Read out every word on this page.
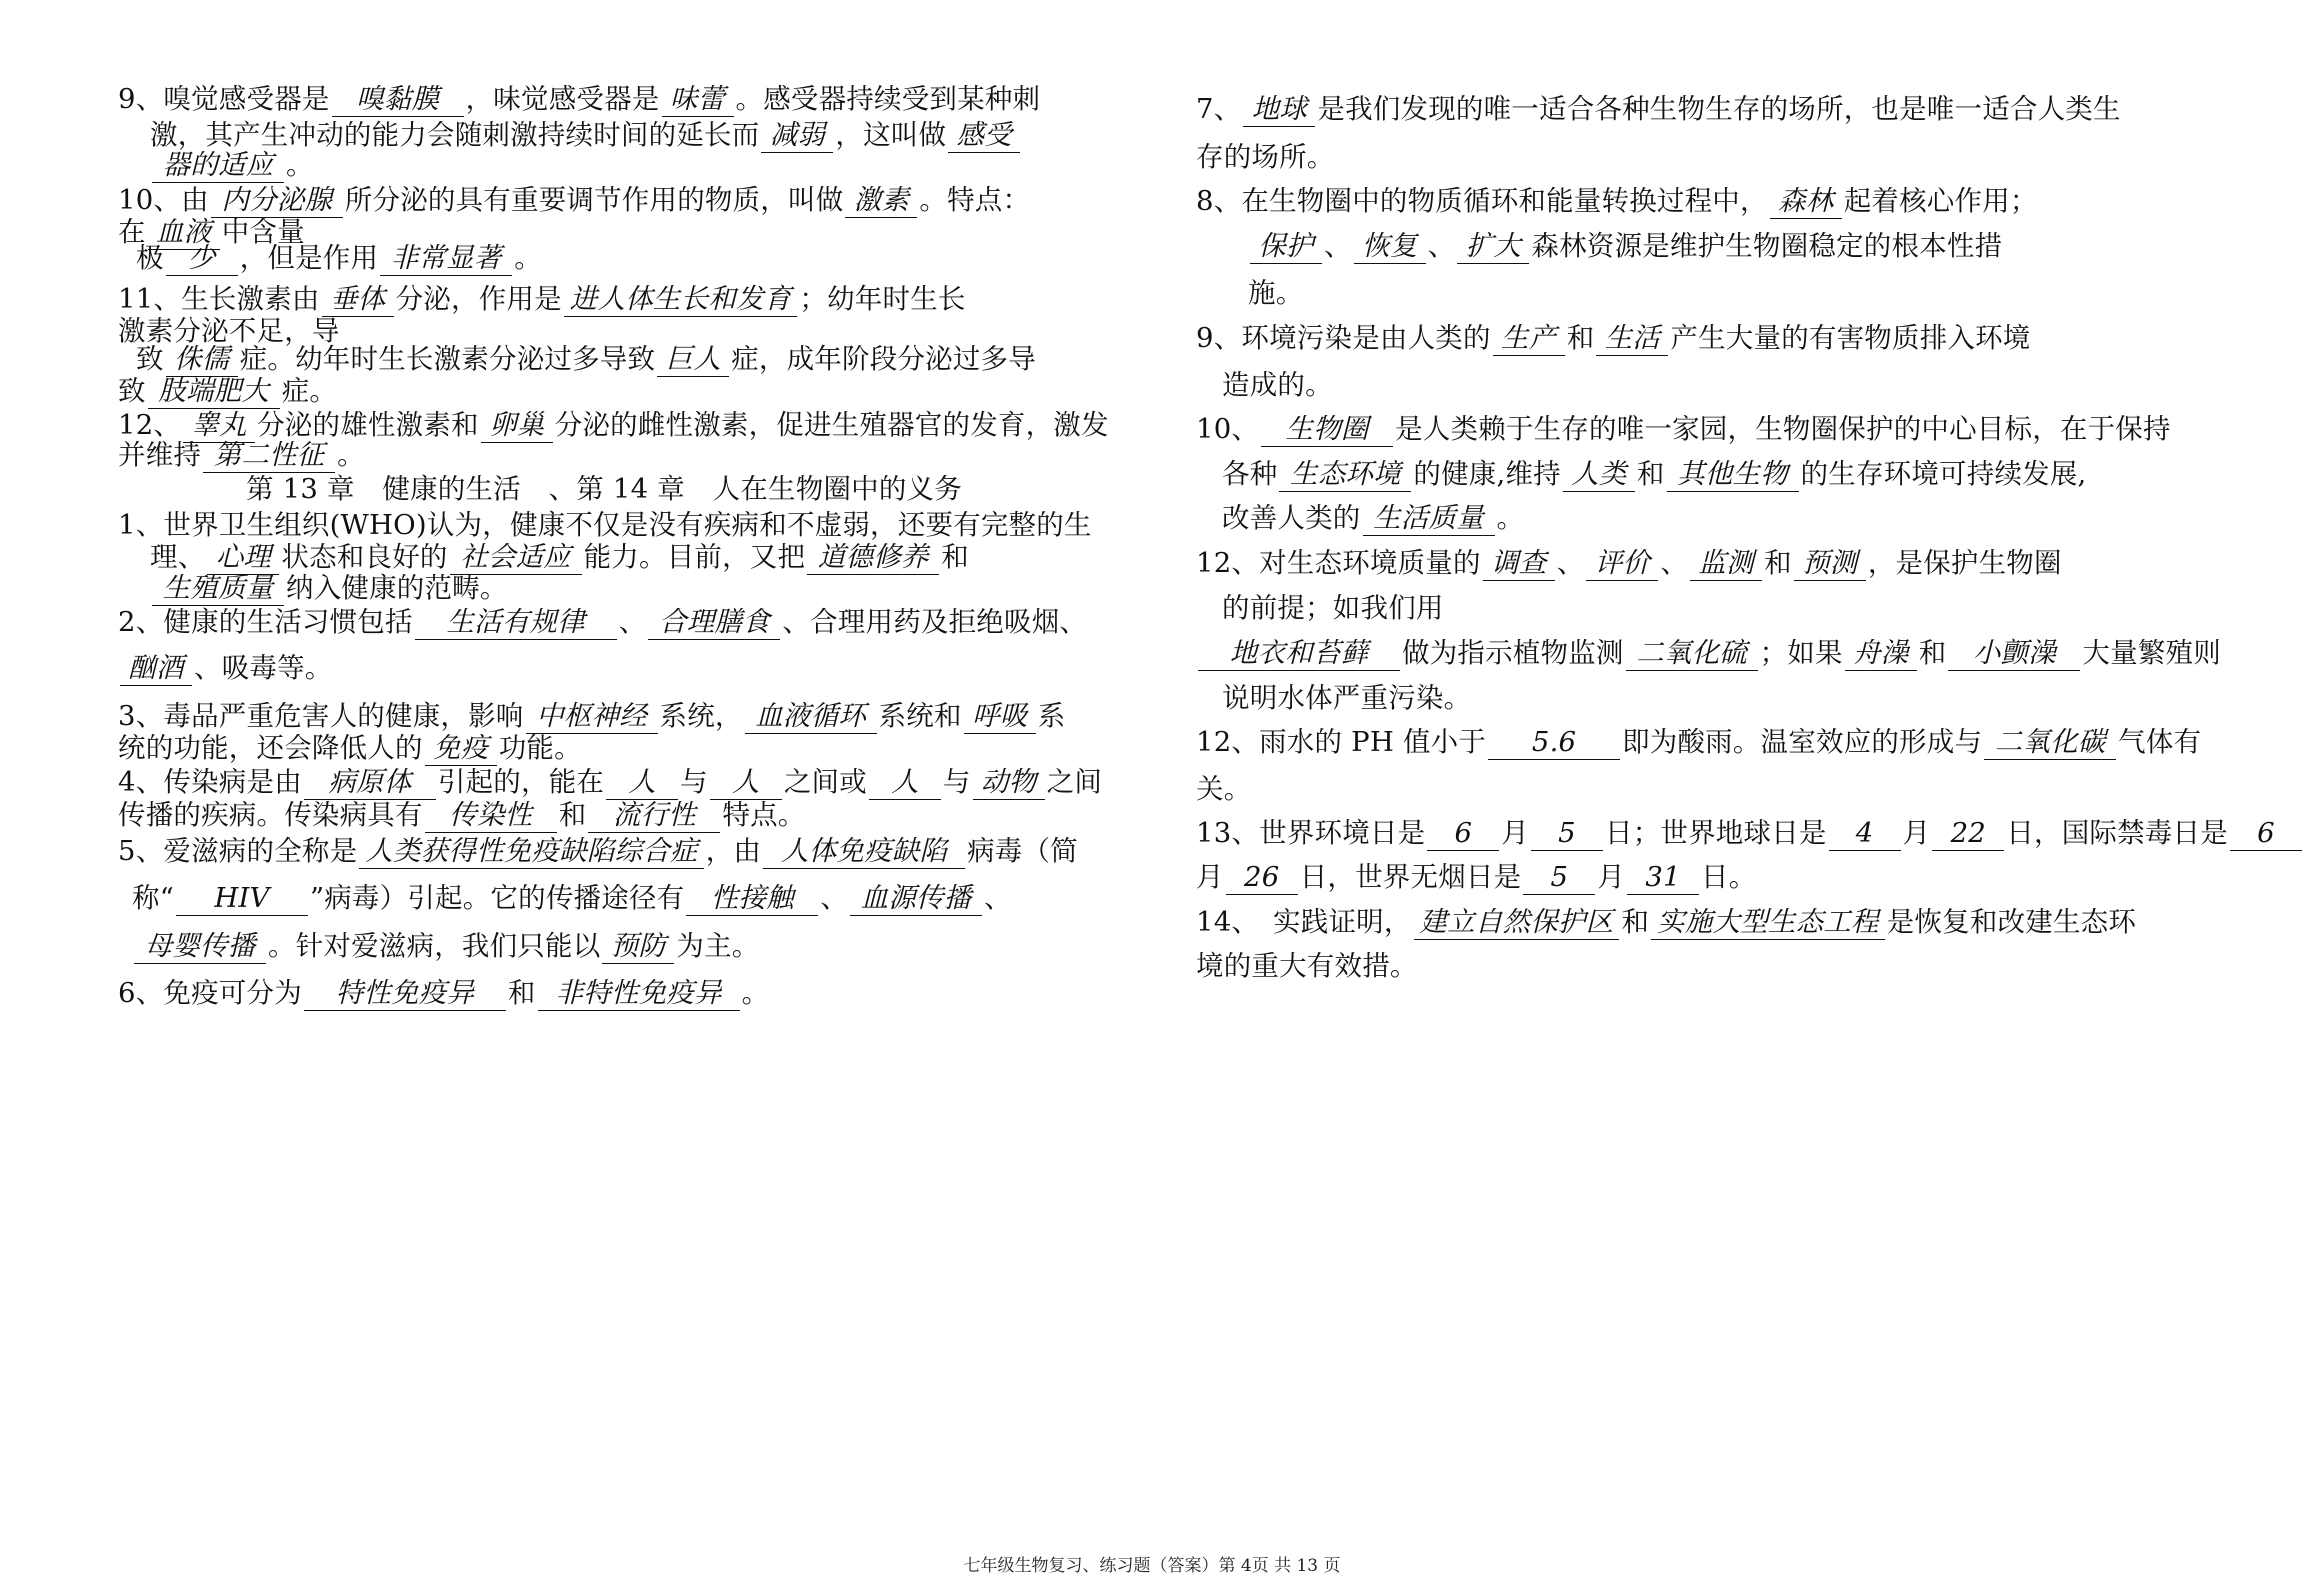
9、嗅觉感受器是 嗅黏膜 ，味觉感受器是味蕾 。感受器持续受到某种刺
激，其产生冲动的能力会随刺激持续时间的延长而减弱 ，这叫做感受
器的适应 。
10、由 内分泌腺 所分泌的具有重要调节作用的物质，叫做激素 。特点：
在 血液 中含量
极 少 ，但是作用非常显著。
11、生长激素由 垂体 分泌，作用是 进人体生长和发育 ；幼年时生长
激素分泌不足，导
致 侏儒 症。幼年时生长激素分泌过多导致 巨人 症，成年阶段分泌过多导
致 肢端肥大 症。
12、 睾丸 分泌的雄性激素和 卵巢 分泌的雌性激素，促进生殖器官的发育，激发
并维持 第二性征 。
第 13 章　健康的生活　、第 14 章　人在生物圈中的义务
1、世界卫生组织(WHO)认为，健康不仅是没有疾病和不虚弱，还要有完整的生
理、 心理 状态和良好的 社会适应 能力。目前，又把 道德修养 和
生殖质量 纳入健康的范畴。
2、健康的生活习惯包括 生活有规律 、 合理膳食 、合理用药及拒绝吸烟、
酗酒 、吸毒等。
3、毒品严重危害人的健康，影响 中枢神经 系统， 血液循环 系统和 呼吸 系
统的功能，还会降低人的 免疫 功能。
4、传染病是由 病原体 引起的，能在人 与人 之间或 人 与 动物 之间
传播的疾病。传染病具有 传染性 和 流行性 特点。
5、爱滋病的全称是 人类获得性免疫缺陷综合症 ，由 人体免疫缺陷 病毒（简
称“ HIV ”病毒）引起。它的传播途径有 性接触 、 血源传播 、
母婴传播 。针对爱滋病，我们只能以 预防 为主。
6、免疫可分为 特性免疫异 和 非特性免疫异 。
7、 地球 是我们发现的唯一适合各种生物生存的场所，也是唯一适合人类生
存的场所。
8、在生物圈中的物质循环和能量转换过程中， 森林 起着核心作用；
保护 、 恢复 、 扩大 森林资源是维护生物圈稳定的根本性措
施。
9、环境污染是由人类的 生产 和 生活 产生大量的有害物质排入环境
造成的。
10、 生物圈 是人类赖于生存的唯一家园，生物圈保护的中心目标，在于保持
各种 生态环境 的健康,维持 人类 和 其他生物 的生存环境可持续发展,
改善人类的 生活质量 。
12、对生态环境质量的 调查 、 评价 、 监测 和 预测 ，是保护生物圈
的前提；如我们用
地衣和苔藓 做为指示植物监测 二氧化硫 ；如果 舟澡 和 小颤澡 大量繁殖则
说明水体严重污染。
12、雨水的 PH 值小于 5.6 即为酸雨。温室效应的形成与 二氧化碳 气体有
关。
13、世界环境日是 6 月 5 日；世界地球日是 4 月 22 日，国际禁毒日是 6
月 26 日，世界无烟日是5 月 31 日。
14、　实践证明， 建立自然保护区 和 实施大型生态工程 是恢复和改建生态环
境的重大有效措。
七年级生物复习、练习题（答案）第 4页 共 13 页
